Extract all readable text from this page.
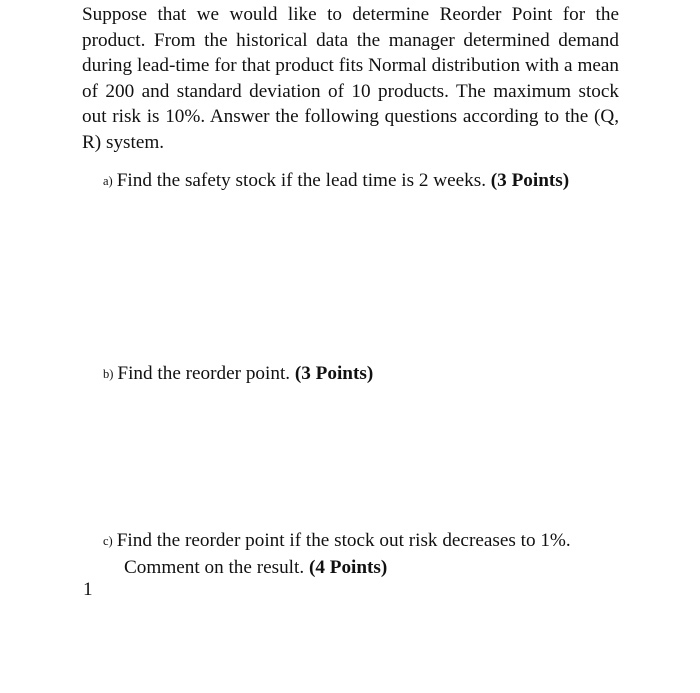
Suppose that we would like to determine Reorder Point for the product. From the historical data the manager determined demand during lead-time for that product fits Normal distribution with a mean of 200 and standard deviation of 10 products. The maximum stock out risk is 10%. Answer the following questions according to the (Q, R) system.

a) Find the safety stock if the lead time is 2 weeks. (3 Points)

b) Find the reorder point. (3 Points)

c) Find the reorder point if the stock out risk decreases to 1%.
Comment on the result. (4 Points)

1
